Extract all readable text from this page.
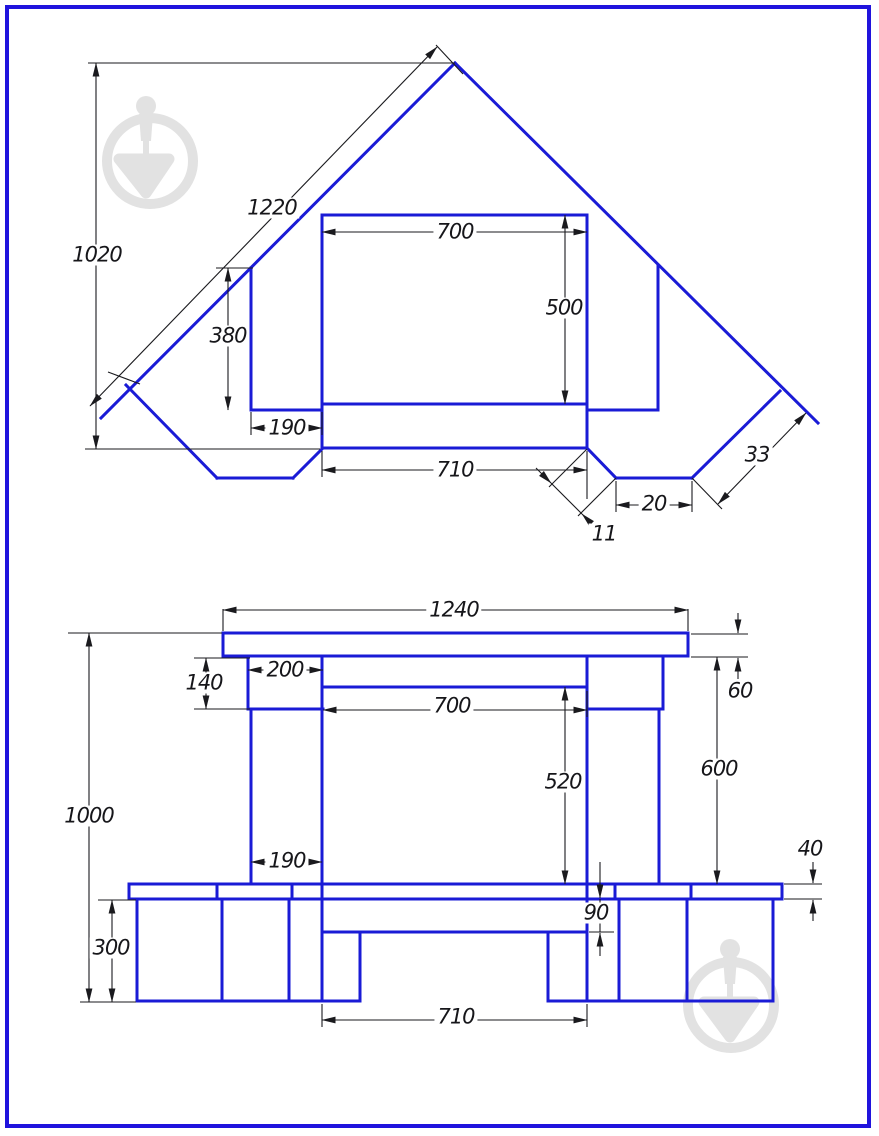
1220
1020
700
500
380
190
710
11
20
33
1240
60
140
200
700
600
520
1000
190	40
90
300
710
